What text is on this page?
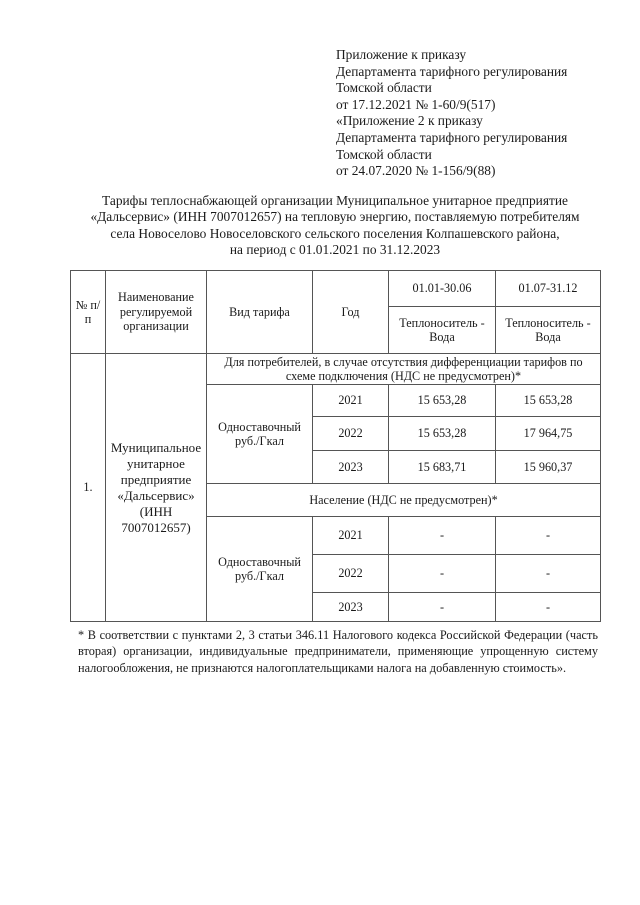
Приложение к приказу
Департамента тарифного регулирования
Томской области
от 17.12.2021 № 1-60/9(517)
«Приложение 2 к приказу
Департамента тарифного регулирования
Томской области
от 24.07.2020 № 1-156/9(88)
Тарифы теплоснабжающей организации Муниципальное унитарное предприятие
«Дальсервис» (ИНН 7007012657) на тепловую энергию, поставляемую потребителям
села Новоселово Новоселовского сельского поселения Колпашевского района,
на период с 01.01.2021 по 31.12.2023
№ п/п	Наименование регулируемой организации	Вид тарифа	Год	01.01-30.06	01.07-31.12
				Теплоноситель - Вода	Теплоноситель - Вода
1.	Муниципальное унитарное предприятие «Дальсервис» (ИНН 7007012657)	Для потребителей, в случае отсутствия дифференциации тарифов по схеме подключения (НДС не предусмотрен)*			
		Одноставочный руб./Гкал	2021	15 653,28	15 653,28
			2022	15 653,28	17 964,75
			2023	15 683,71	15 960,37
		Население (НДС не предусмотрен)*			
		Одноставочный руб./Гкал	2021	-	-
			2022	-	-
			2023	-	-
* В соответствии с пунктами 2, 3 статьи 346.11 Налогового кодекса Российской Федерации (часть вторая) организации, индивидуальные предприниматели, применяющие упрощенную систему налогообложения, не признаются налогоплательщиками налога на добавленную стоимость».
